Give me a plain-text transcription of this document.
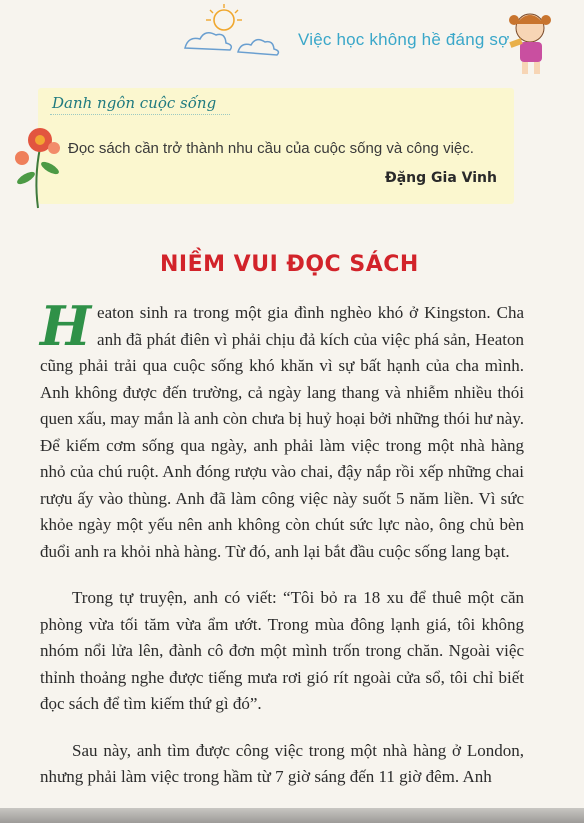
Việc học không hề đáng sợ
Danh ngôn cuộc sống
Đọc sách cần trở thành nhu cầu của cuộc sống và công việc.
Đặng Gia Vinh
NIỀM VUI ĐỌC SÁCH

H eaton sinh ra trong một gia đình nghèo khó ở Kingston. Cha anh đã phát điên vì phải chịu đả kích của việc phá sản, Heaton cũng phải trải qua cuộc sống khó khăn vì sự bất hạnh của cha mình. Anh không được đến trường, cả ngày lang thang và nhiễm nhiều thói quen xấu, may mắn là anh còn chưa bị huỷ hoại bởi những thói hư này. Để kiếm cơm sống qua ngày, anh phải làm việc trong một nhà hàng nhỏ của chú ruột. Anh đóng rượu vào chai, đậy nắp rồi xếp những chai rượu ấy vào thùng. Anh đã làm công việc này suốt 5 năm liền. Vì sức khỏe ngày một yếu nên anh không còn chút sức lực nào, ông chủ bèn đuổi anh ra khỏi nhà hàng. Từ đó, anh lại bắt đầu cuộc sống lang bạt.

Trong tự truyện, anh có viết: “Tôi bỏ ra 18 xu để thuê một căn phòng vừa tối tăm vừa ẩm ướt. Trong mùa đông lạnh giá, tôi không nhóm nổi lửa lên, đành cô đơn một mình trốn trong chăn. Ngoài việc thỉnh thoảng nghe được tiếng mưa rơi gió rít ngoài cửa sổ, tôi chỉ biết đọc sách để tìm kiếm thứ gì đó”.

Sau này, anh tìm được công việc trong một nhà hàng ở London, nhưng phải làm việc trong hầm từ 7 giờ sáng đến 11 giờ đêm. Anh
